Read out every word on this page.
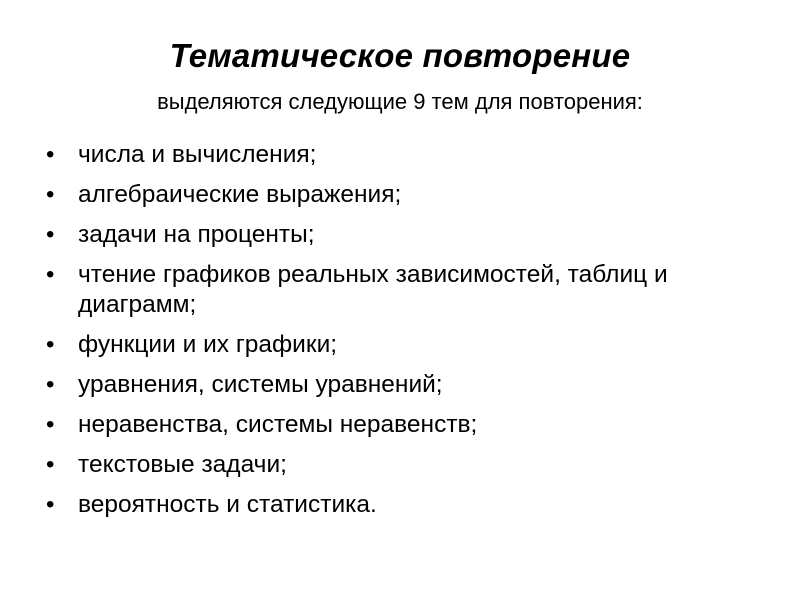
Тематическое повторение
выделяются следующие 9 тем для повторения:
• числа и вычисления;
• алгебраические выражения;
• задачи на проценты;
• чтение графиков реальных зависимостей, таблиц и диаграмм;
• функции и их графики;
• уравнения, системы уравнений;
• неравенства, системы неравенств;
• текстовые задачи;
• вероятность и статистика.
